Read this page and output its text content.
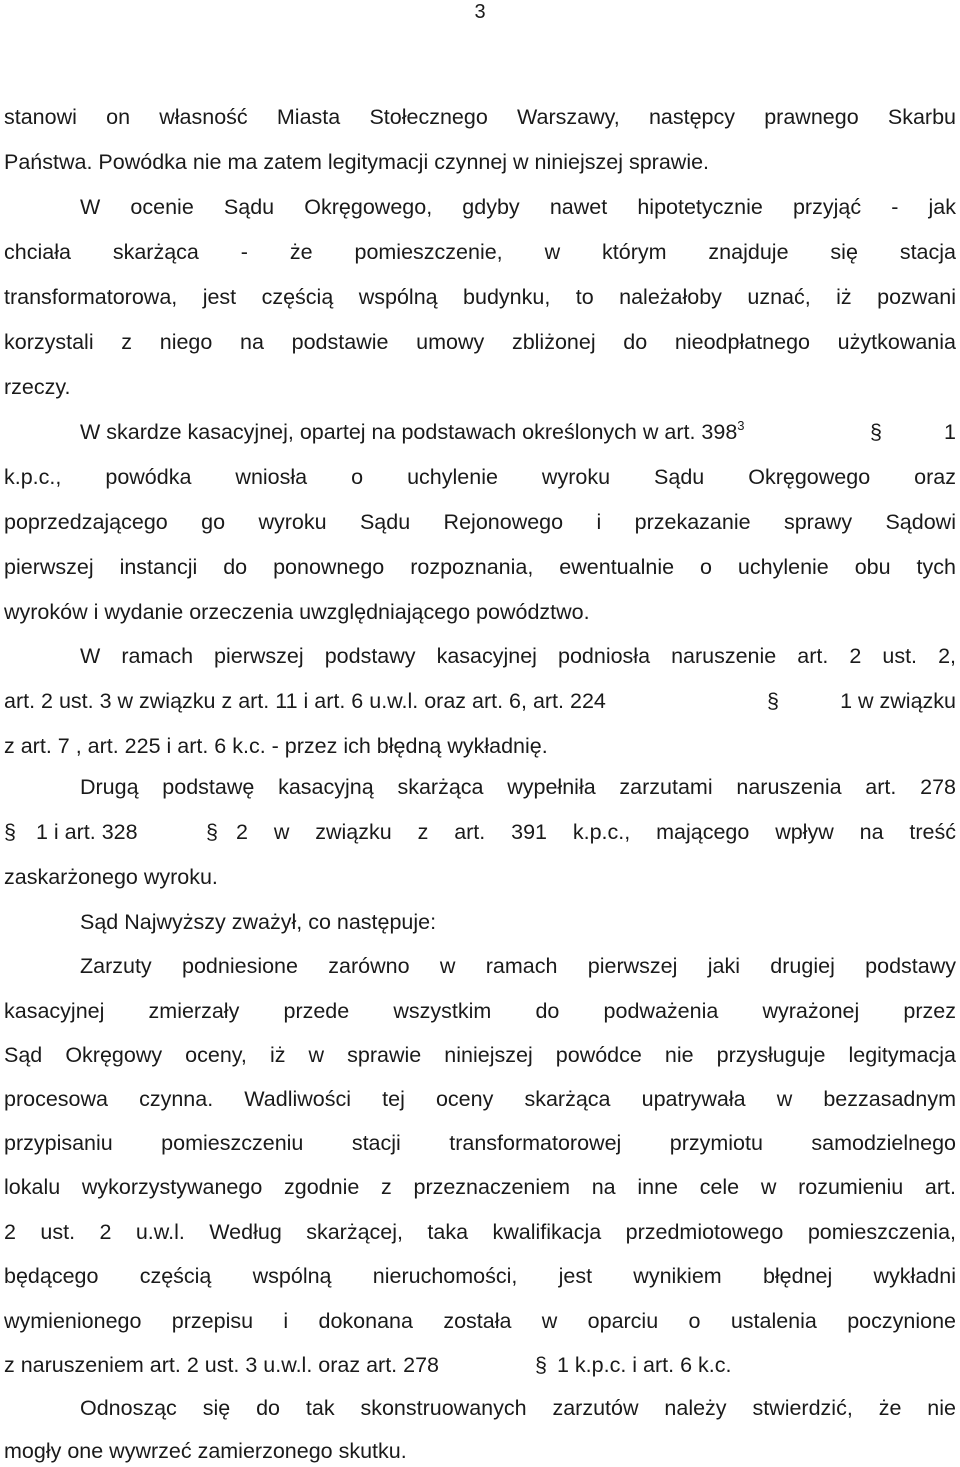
3
stanowi on własność Miasta Stołecznego Warszawy, następcy prawnego Skarbu
Państwa. Powódka nie ma zatem legitymacji czynnej w niniejszej sprawie.
W ocenie Sądu Okręgowego, gdyby nawet hipotetycznie przyjąć - jak
chciała skarżąca - że pomieszczenie, w którym znajduje się stacja
transformatorowa, jest częścią wspólną budynku, to należałoby uznać, iż pozwani
korzystali z niego na podstawie umowy zbliżonej do nieodpłatnego użytkowania
rzeczy.
W skardze kasacyjnej, opartej na podstawach określonych w art. $398^3$	§	1
k.p.c., powódka wniosła o uchylenie wyroku Sądu Okręgowego oraz
poprzedzającego go wyroku Sądu Rejonowego i przekazanie sprawy Sądowi
pierwszej instancji do ponownego rozpoznania, ewentualnie o uchylenie obu tych
wyroków i wydanie orzeczenia uwzględniającego powództwo.
W ramach pierwszej podstawy kasacyjnej podniosła naruszenie art. 2 ust. 2,
art. 2 ust. 3 w związku z art. 11 i art. 6 u.w.l. oraz art. 6, art. 224	§	1 w związku
z art. 7 , art. 225 i art. 6 k.c. - przez ich błędną wykładnię.
Drugą podstawę kasacyjną skarżąca wypełniła zarzutami naruszenia art. 278
§ 1 i art. 328	§ 2 w związku z art. 391 k.p.c., mającego wpływ na treść
zaskarżonego wyroku.
Sąd Najwyższy zważył, co następuje:
Zarzuty podniesione zarówno w ramach pierwszej jaki drugiej podstawy
kasacyjnej zmierzały przede wszystkim do podważenia wyrażonej przez
Sąd Okręgowy oceny, iż w sprawie niniejszej powódce nie przysługuje legitymacja
procesowa czynna. Wadliwości tej oceny skarżąca upatrywała w bezzasadnym
przypisaniu pomieszczeniu stacji transformatorowej przymiotu samodzielnego
lokalu wykorzystywanego zgodnie z przeznaczeniem na inne cele w rozumieniu art.
2 ust. 2 u.w.l. Według skarżącej, taka kwalifikacja przedmiotowego pomieszczenia,
będącego częścią wspólną nieruchomości, jest wynikiem błędnej wykładni
wymienionego przepisu i dokonana została w oparciu o ustalenia poczynione
z naruszeniem art. 2 ust. 3 u.w.l. oraz art. 278	§ 1 k.p.c. i art. 6 k.c.
Odnosząc się do tak skonstruowanych zarzutów należy stwierdzić, że nie
mogły one wywrzeć zamierzonego skutku.
